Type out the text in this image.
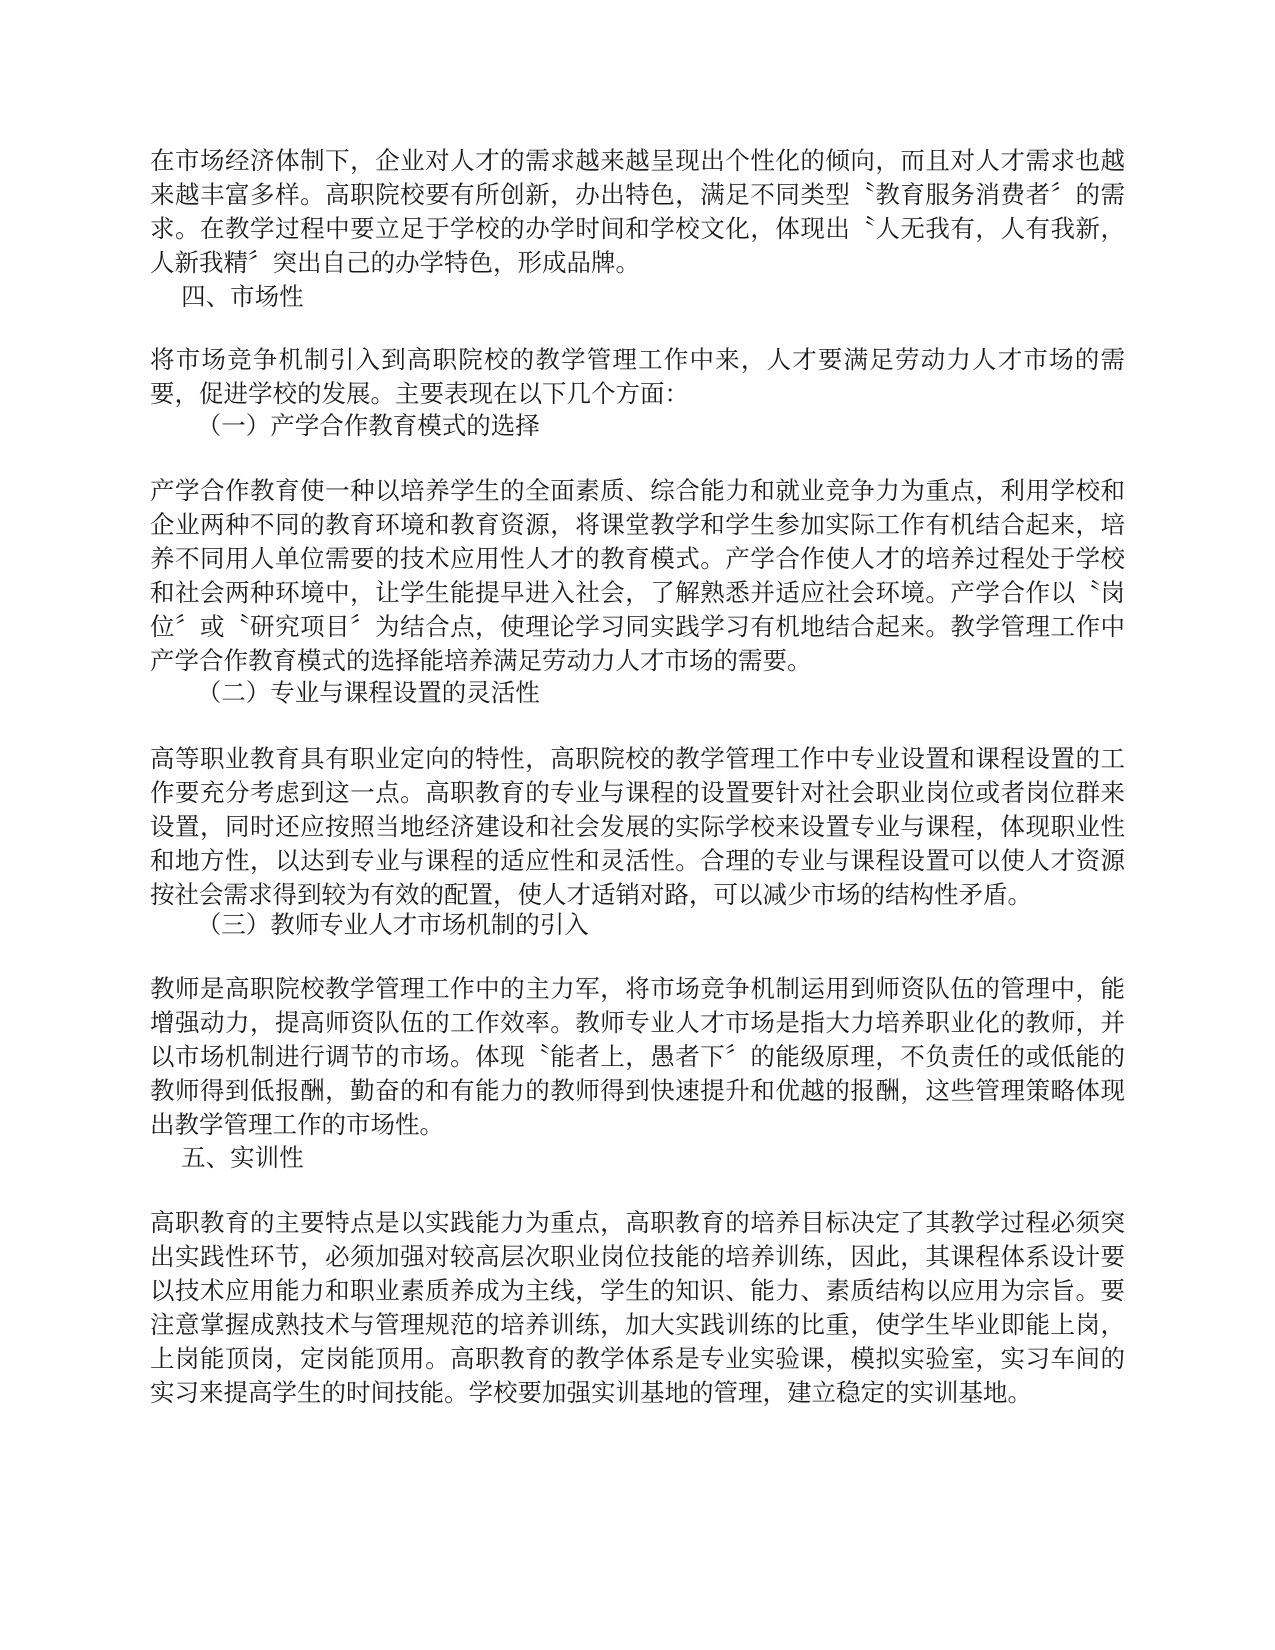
在市场经济体制下，企业对人才的需求越来越呈现出个性化的倾向，而且对人才需求也越来越丰富多样。高职院校要有所创新，办出特色，满足不同类型〝教育服务消费者〞的需求。在教学过程中要立足于学校的办学时间和学校文化，体现出〝人无我有，人有我新，人新我精〞突出自己的办学特色，形成品牌。

四、市场性

将市场竞争机制引入到高职院校的教学管理工作中来，人才要满足劳动力人才市场的需要，促进学校的发展。主要表现在以下几个方面：

（一）产学合作教育模式的选择

产学合作教育使一种以培养学生的全面素质、综合能力和就业竞争力为重点，利用学校和企业两种不同的教育环境和教育资源，将课堂教学和学生参加实际工作有机结合起来，培养不同用人单位需要的技术应用性人才的教育模式。产学合作使人才的培养过程处于学校和社会两种环境中，让学生能提早进入社会，了解熟悉并适应社会环境。产学合作以〝岗位〞或〝研究项目〞为结合点，使理论学习同实践学习有机地结合起来。教学管理工作中产学合作教育模式的选择能培养满足劳动力人才市场的需要。

（二）专业与课程设置的灵活性

高等职业教育具有职业定向的特性，高职院校的教学管理工作中专业设置和课程设置的工作要充分考虑到这一点。高职教育的专业与课程的设置要针对社会职业岗位或者岗位群来设置，同时还应按照当地经济建设和社会发展的实际学校来设置专业与课程，体现职业性和地方性，以达到专业与课程的适应性和灵活性。合理的专业与课程设置可以使人才资源按社会需求得到较为有效的配置，使人才适销对路，可以减少市场的结构性矛盾。

（三）教师专业人才市场机制的引入

教师是高职院校教学管理工作中的主力军，将市场竞争机制运用到师资队伍的管理中，能增强动力，提高师资队伍的工作效率。教师专业人才市场是指大力培养职业化的教师，并以市场机制进行调节的市场。体现〝能者上，愚者下〞的能级原理，不负责任的或低能的教师得到低报酬，勤奋的和有能力的教师得到快速提升和优越的报酬，这些管理策略体现出教学管理工作的市场性。

五、实训性

高职教育的主要特点是以实践能力为重点，高职教育的培养目标决定了其教学过程必须突出实践性环节，必须加强对较高层次职业岗位技能的培养训练，因此，其课程体系设计要以技术应用能力和职业素质养成为主线，学生的知识、能力、素质结构以应用为宗旨。要注意掌握成熟技术与管理规范的培养训练，加大实践训练的比重，使学生毕业即能上岗，上岗能顶岗，定岗能顶用。高职教育的教学体系是专业实验课，模拟实验室，实习车间的实习来提高学生的时间技能。学校要加强实训基地的管理，建立稳定的实训基地。
